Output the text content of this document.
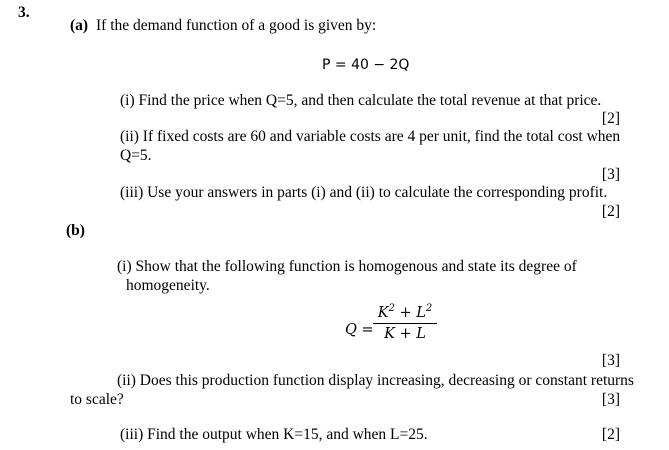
3.
(a) If the demand function of a good is given by:
P = 40 − 2Q
(i) Find the price when Q=5, and then calculate the total revenue at that price.
[2]
(ii) If fixed costs are 60 and variable costs are 4 per unit, find the total cost when
Q=5.
[3]
(iii) Use your answers in parts (i) and (ii) to calculate the corresponding profit.
[2]
(b)
(i) Show that the following function is homogenous and state its degree of
homogeneity.
Q =
$K^2 + L^2$
K + L
[3]
(ii) Does this production function display increasing, decreasing or constant returns
to scale?	[3]
(iii) Find the output when K=15, and when L=25.	[2]
